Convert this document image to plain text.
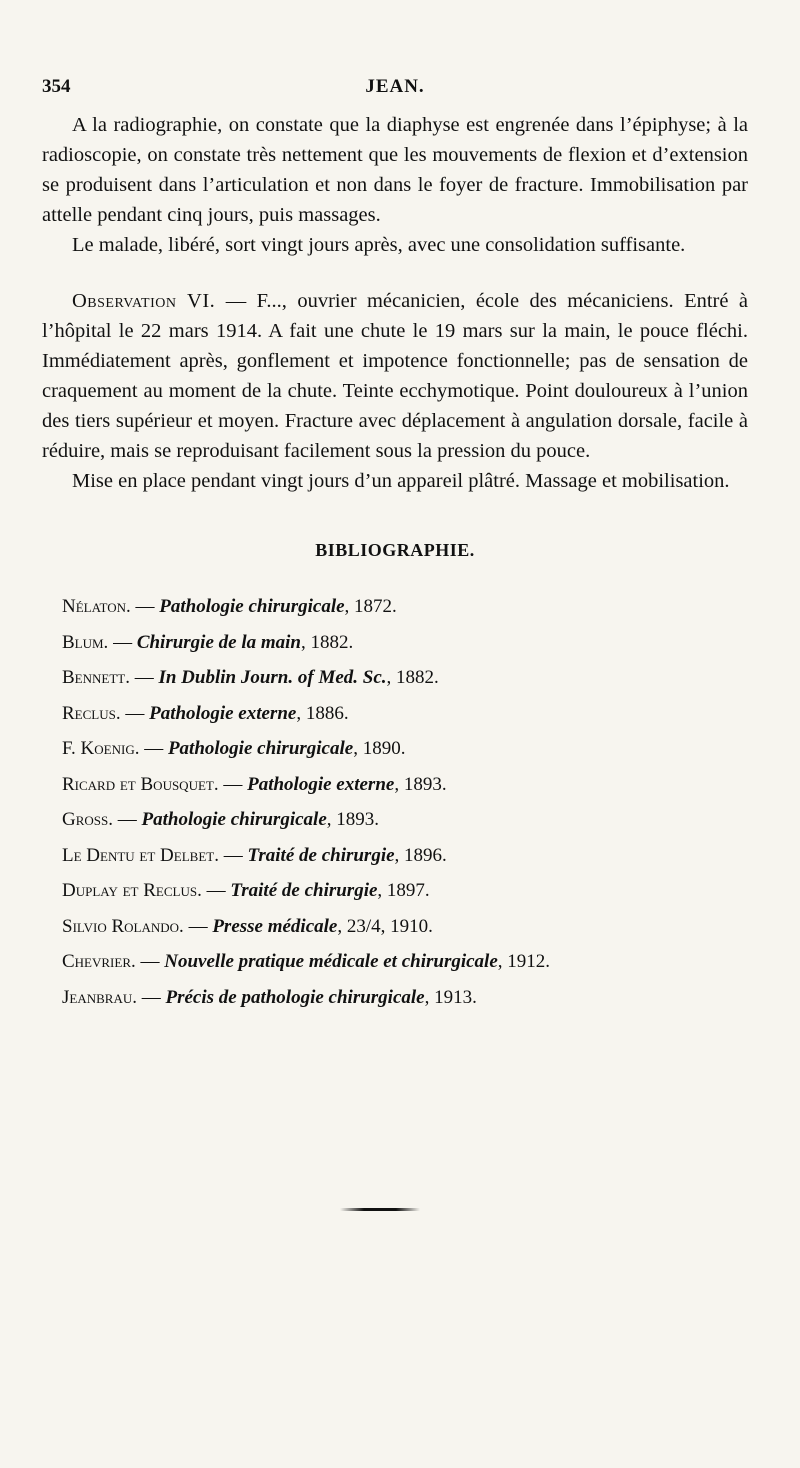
354	JEAN.

A la radiographie, on constate que la diaphyse est engrenée dans l’épiphyse; à la radioscopie, on constate très nettement que les mouvements de flexion et d’extension se produisent dans l’articulation et non dans le foyer de fracture. Immobilisation par attelle pendant cinq jours, puis massages.

Le malade, libéré, sort vingt jours après, avec une consolidation suffisante.

Observation VI. — F..., ouvrier mécanicien, école des mécaniciens. Entré à l’hôpital le 22 mars 1914. A fait une chute le 19 mars sur la main, le pouce fléchi. Immédiatement après, gonflement et impotence fonctionnelle; pas de sensation de craquement au moment de la chute. Teinte ecchymotique. Point douloureux à l’union des tiers supérieur et moyen. Fracture avec déplacement à angulation dorsale, facile à réduire, mais se reproduisant facilement sous la pression du pouce.

Mise en place pendant vingt jours d’un appareil plâtré. Massage et mobilisation.

BIBLIOGRAPHIE.
Nélaton. — Pathologie chirurgicale, 1872.
Blum. — Chirurgie de la main, 1882.
Bennett. — In Dublin Journ. of Med. Sc., 1882.
Reclus. — Pathologie externe, 1886.
F. Koenig. — Pathologie chirurgicale, 1890.
Ricard et Bousquet. — Pathologie externe, 1893.
Gross. — Pathologie chirurgicale, 1893.
Le Dentu et Delbet. — Traité de chirurgie, 1896.
Duplay et Reclus. — Traité de chirurgie, 1897.
Silvio Rolando. — Presse médicale, 23/4, 1910.
Chevrier. — Nouvelle pratique médicale et chirurgicale, 1912.
Jeanbrau. — Précis de pathologie chirurgicale, 1913.
